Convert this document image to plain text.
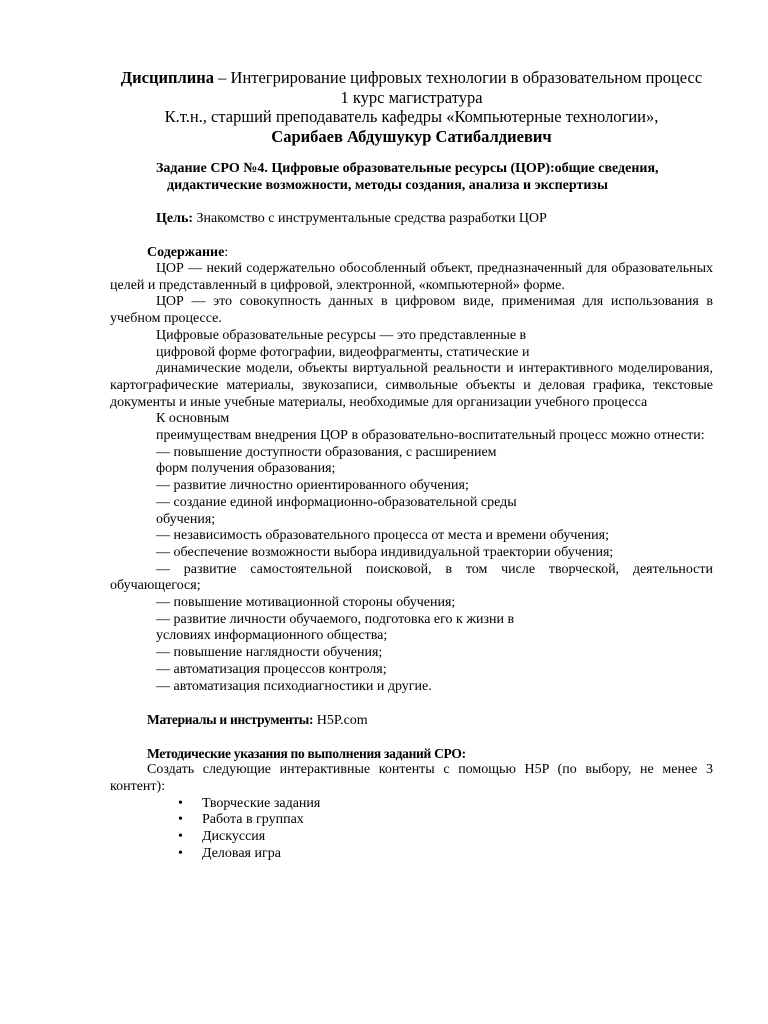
Дисциплина – Интегрирование цифровых технологии в образовательном процесс
1 курс магистратура
К.т.н., старший преподаватель кафедры «Компьютерные технологии»,
Сарибаев Абдушукур Сатибалдиевич
Задание СРО №4. Цифровые образовательные ресурсы (ЦОР):общие сведения,
дидактические возможности, методы создания, анализа и экспертизы
Цель: Знакомство с инструментальные средства разработки ЦОР
Содержание:

ЦОР — некий содержательно обособленный объект, предназначенный для образовательных целей и представленный в цифровой, электронной, «компьютерной» форме.

ЦОР — это совокупность данных в цифровом виде, применимая для использования в учебном процессе.

Цифровые образовательные ресурсы — это представленные в

цифровой форме фотографии, видеофрагменты, статические и

динамические модели, объекты виртуальной реальности и интерактивного моделирования, картографические материалы, звукозаписи, символьные объекты и деловая графика, текстовые документы и иные учебные материалы, необходимые для организации учебного процесса

К основным

преимуществам внедрения ЦОР в образовательно-воспитательный процесс можно отнести:

— повышение доступности образования, с расширением

форм получения образования;

— развитие личностно ориентированного обучения;

— создание единой информационно-образовательной среды

обучения;

— независимость образовательного процесса от места и времени обучения;

— обеспечение возможности выбора индивидуальной траектории обучения;

— развитие самостоятельной поисковой, в том числе творческой, деятельности обучающегося;

— повышение мотивационной стороны обучения;

— развитие личности обучаемого, подготовка его к жизни в

условиях информационного общества;

— повышение наглядности обучения;

— автоматизация процессов контроля;

— автоматизация психодиагностики и другие.

Материалы и инструменты: H5P.com
Методические указания по выполнения заданий СРО:

Создать следующие интерактивные контенты с помощью H5P (по выбору, не менее 3 контент):

• Творческие задания
• Работа в группах
• Дискуссия
• Деловая игра
